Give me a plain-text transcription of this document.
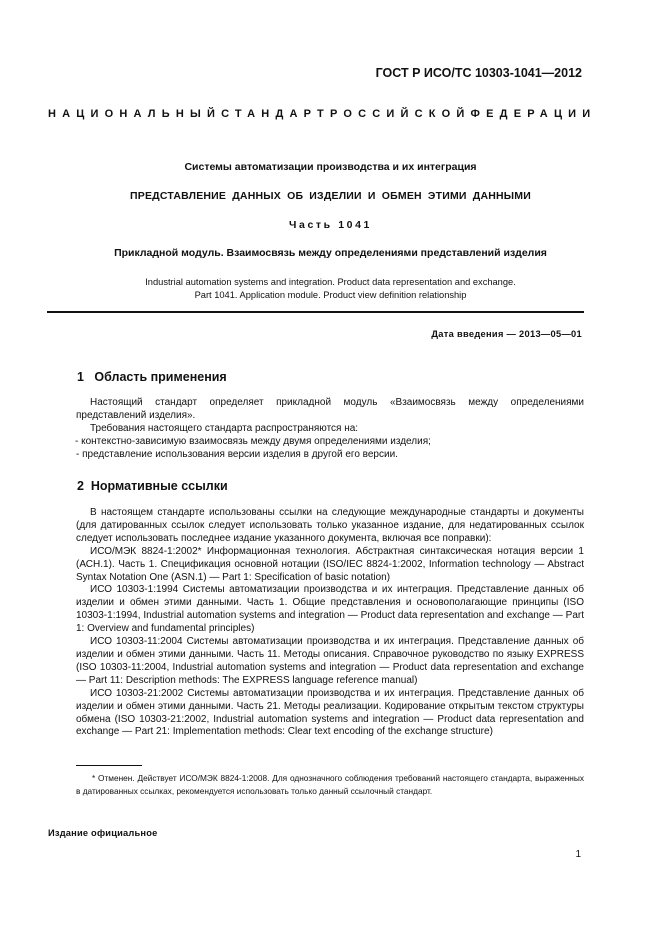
ГОСТ Р ИСО/ТС 10303-1041—2012
НАЦИОНАЛЬНЫЙ СТАНДАРТ РОССИЙСКОЙ ФЕДЕРАЦИИ
Системы автоматизации производства и их интеграция
ПРЕДСТАВЛЕНИЕ ДАННЫХ ОБ ИЗДЕЛИИ И ОБМЕН ЭТИМИ ДАННЫМИ
Часть 1041
Прикладной модуль. Взаимосвязь между определениями представлений изделия
Industrial automation systems and integration. Product data representation and exchange.
Part 1041. Application module. Product view definition relationship
Дата введения — 2013—05—01
1   Область применения

Настоящий стандарт определяет прикладной модуль «Взаимосвязь между определениями представлений изделия».

Требования настоящего стандарта распространяются на:

- контекстно-зависимую взаимосвязь между двумя определениями изделия;

- представление использования версии изделия в другой его версии.

2  Нормативные ссылки

В настоящем стандарте использованы ссылки на следующие международные стандарты и документы (для датированных ссылок следует использовать только указанное издание, для недатированных ссылок следует использовать последнее издание указанного документа, включая все поправки):

ИСО/МЭК 8824-1:2002* Информационная технология. Абстрактная синтаксическая нотация версии 1 (АСН.1). Часть 1. Спецификация основной нотации (ISO/IEC 8824-1:2002, Information technology — Abstract Syntax Notation One (ASN.1) — Part 1: Specification of basic notation)

ИСО 10303-1:1994 Системы автоматизации производства и их интеграция. Представление данных об изделии и обмен этими данными. Часть 1. Общие представления и основополагающие принципы (ISO 10303-1:1994, Industrial automation systems and integration — Product data representation and exchange — Part 1: Overview and fundamental principles)

ИСО 10303-11:2004 Системы автоматизации производства и их интеграция. Представление данных об изделии и обмен этими данными. Часть 11. Методы описания. Справочное руководство по языку EXPRESS (ISO 10303-11:2004, Industrial automation systems and integration — Product data representation and exchange — Part 11: Description methods: The EXPRESS language reference manual)

ИСО 10303-21:2002 Системы автоматизации производства и их интеграция. Представление данных об изделии и обмен этими данными. Часть 21. Методы реализации. Кодирование открытым текстом структуры обмена (ISO 10303-21:2002, Industrial automation systems and integration — Product data representation and exchange — Part 21: Implementation methods: Clear text encoding of the exchange structure)

* Отменен. Действует ИСО/МЭК 8824-1:2008. Для однозначного соблюдения требований настоящего стандарта, выраженных в датированных ссылках, рекомендуется использовать только данный ссылочный стандарт.

Издание официальное
1
